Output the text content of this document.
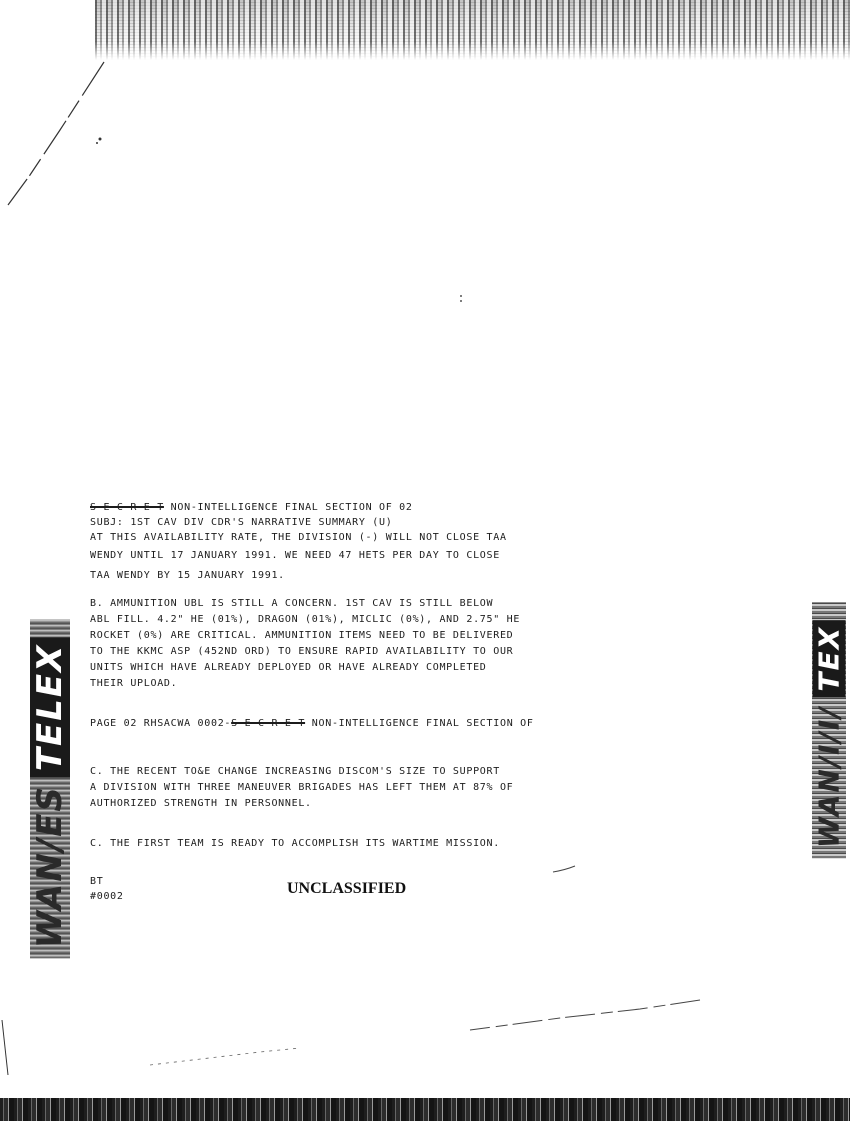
WAN/ESTELEX	WAN/I/I/TEX
S E C R E T NON-INTELLIGENCE FINAL SECTION OF 02
SUBJ: 1ST CAV DIV CDR'S NARRATIVE SUMMARY (U)
AT THIS AVAILABILITY RATE, THE DIVISION (-) WILL NOT CLOSE TAA
WENDY UNTIL 17 JANUARY 1991. WE NEED 47 HETS PER DAY TO CLOSE
TAA WENDY BY 15 JANUARY 1991.
B. AMMUNITION UBL IS STILL A CONCERN. 1ST CAV IS STILL BELOW
ABL FILL. 4.2" HE (01%), DRAGON (01%), MICLIC (0%), AND 2.75" HE
ROCKET (0%) ARE CRITICAL. AMMUNITION ITEMS NEED TO BE DELIVERED
TO THE KKMC ASP (452ND ORD) TO ENSURE RAPID AVAILABILITY TO OUR
UNITS WHICH HAVE ALREADY DEPLOYED OR HAVE ALREADY COMPLETED
THEIR UPLOAD.
PAGE 02 RHSACWA 0002-S E C R E T NON-INTELLIGENCE FINAL SECTION OF
C. THE RECENT TO&E CHANGE INCREASING DISCOM'S SIZE TO SUPPORT
A DIVISION WITH THREE MANEUVER BRIGADES HAS LEFT THEM AT 87% OF
AUTHORIZED STRENGTH IN PERSONNEL.
C. THE FIRST TEAM IS READY TO ACCOMPLISH ITS WARTIME MISSION.
BT
#0002	UNCLASSIFIED
